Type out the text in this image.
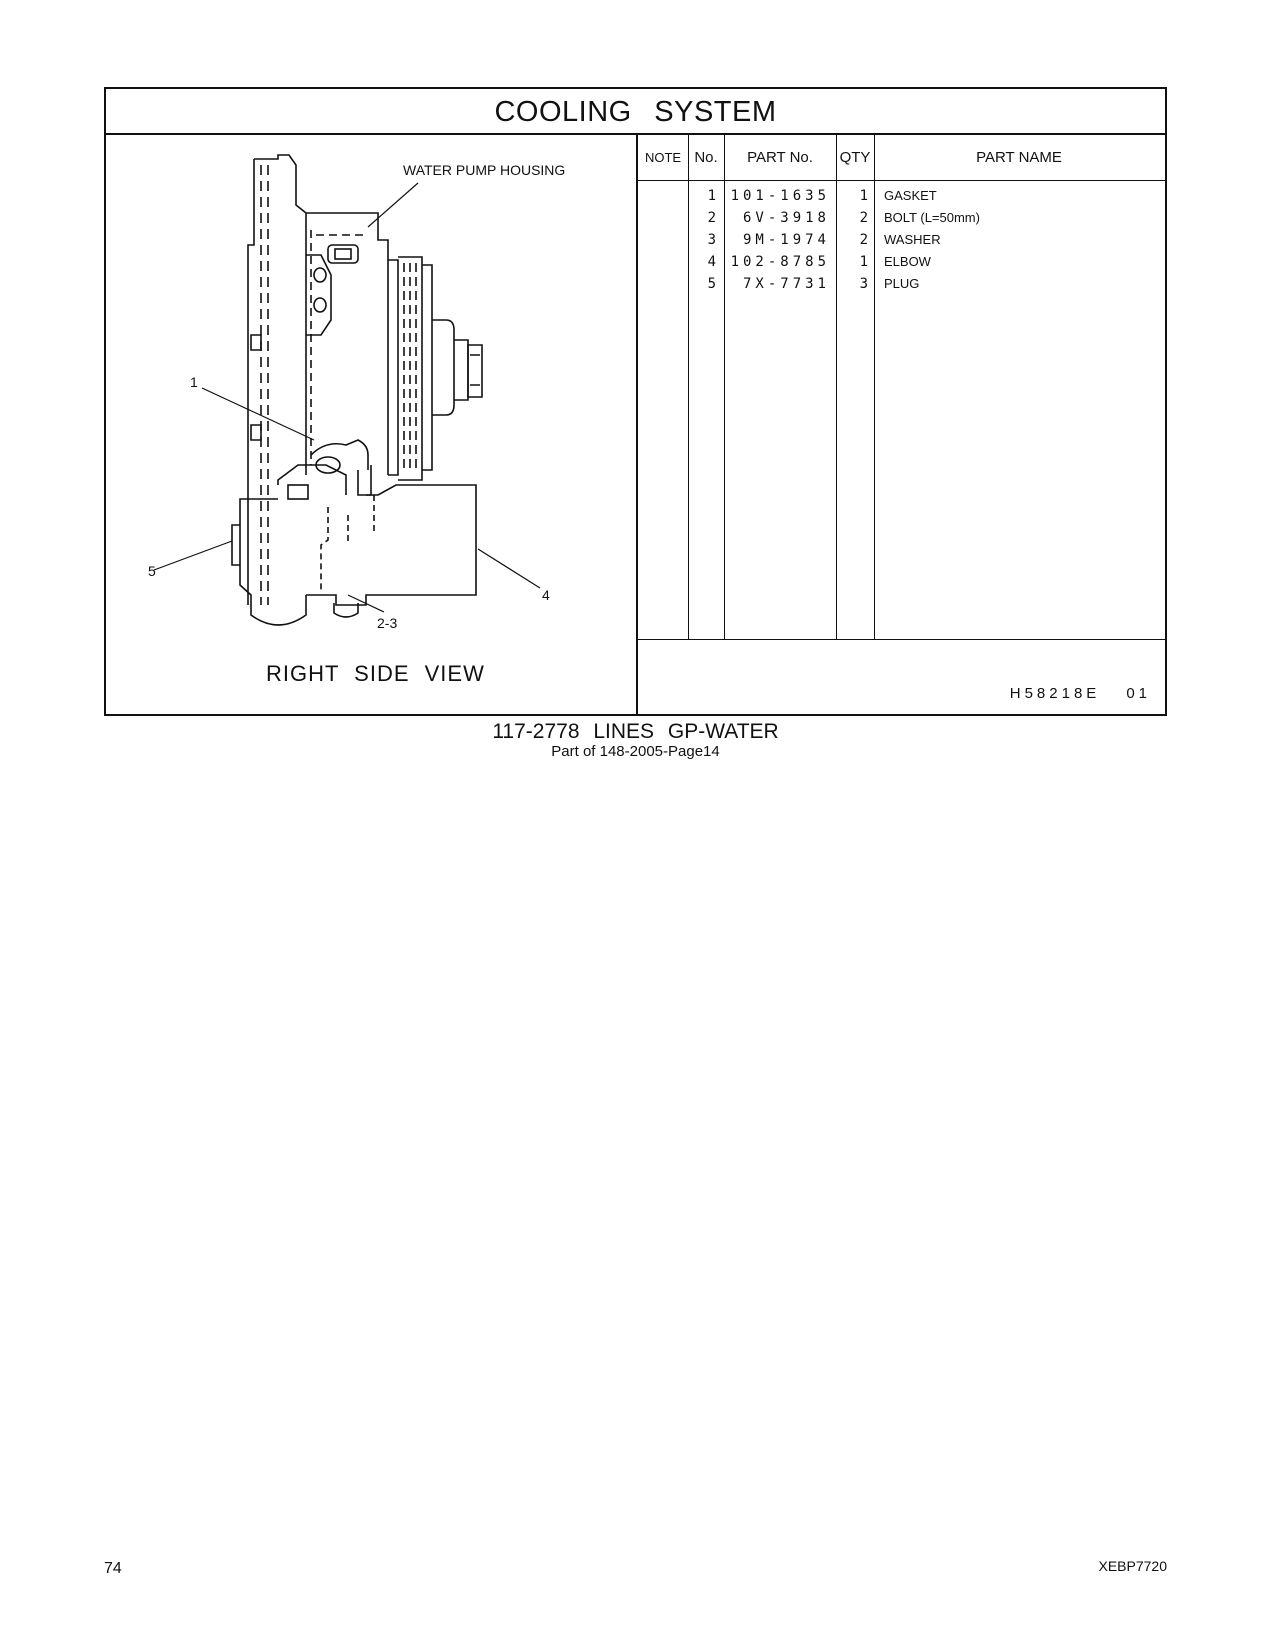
COOLING SYSTEM
WATER PUMP HOUSING
1
5
4
2-3
RIGHT SIDE VIEW
NOTE No.	PART No.	QTY	PART NAME
1	101-1635	1 GASKET
2	6V-3918	2 BOLT (L=50mm)
3	9M-1974	2 WASHER
4	102-8785	1 ELBOW
5	7X-7731	3 PLUG
H58218E 01
117-2778 LINES GP-WATER
Part of 148-2005-Page14
74	XEBP7720
